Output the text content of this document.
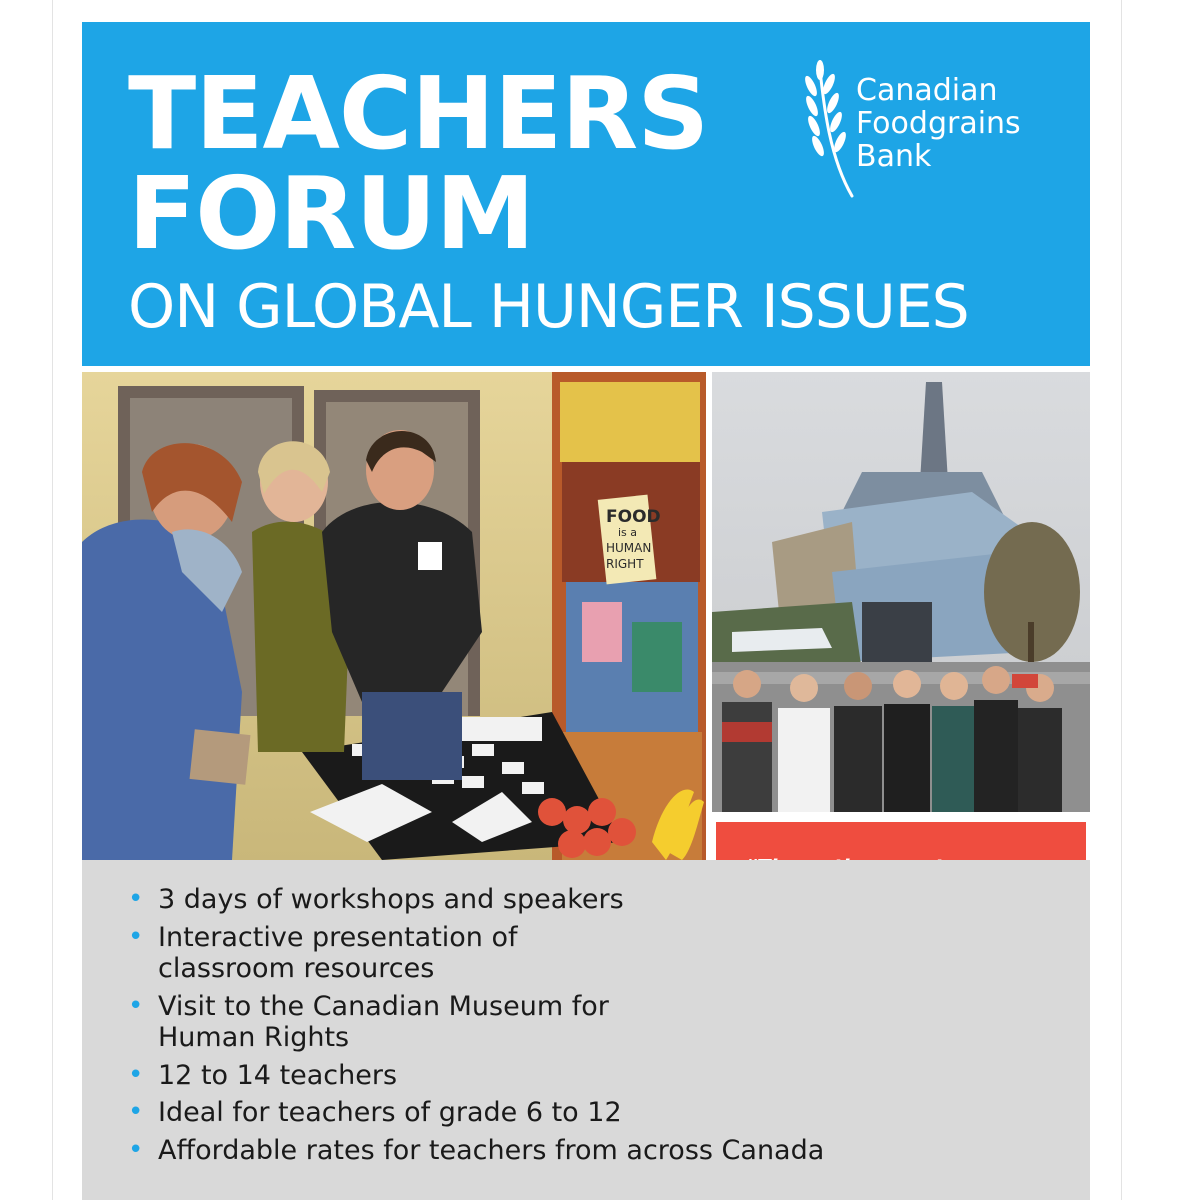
TEACHERS
FORUM
ON GLOBAL HUNGER ISSUES
Canadian
Foodgrains
Bank
FOOD
is a
HUMAN
RIGHT
• 3 days of workshops and speakers
• Interactive presentation of
classroom resources
• Visit to the Canadian Museum for
Human Rights
• 12 to 14 teachers
• Ideal for teachers of grade 6 to 12
• Affordable rates for teachers from across Canada
